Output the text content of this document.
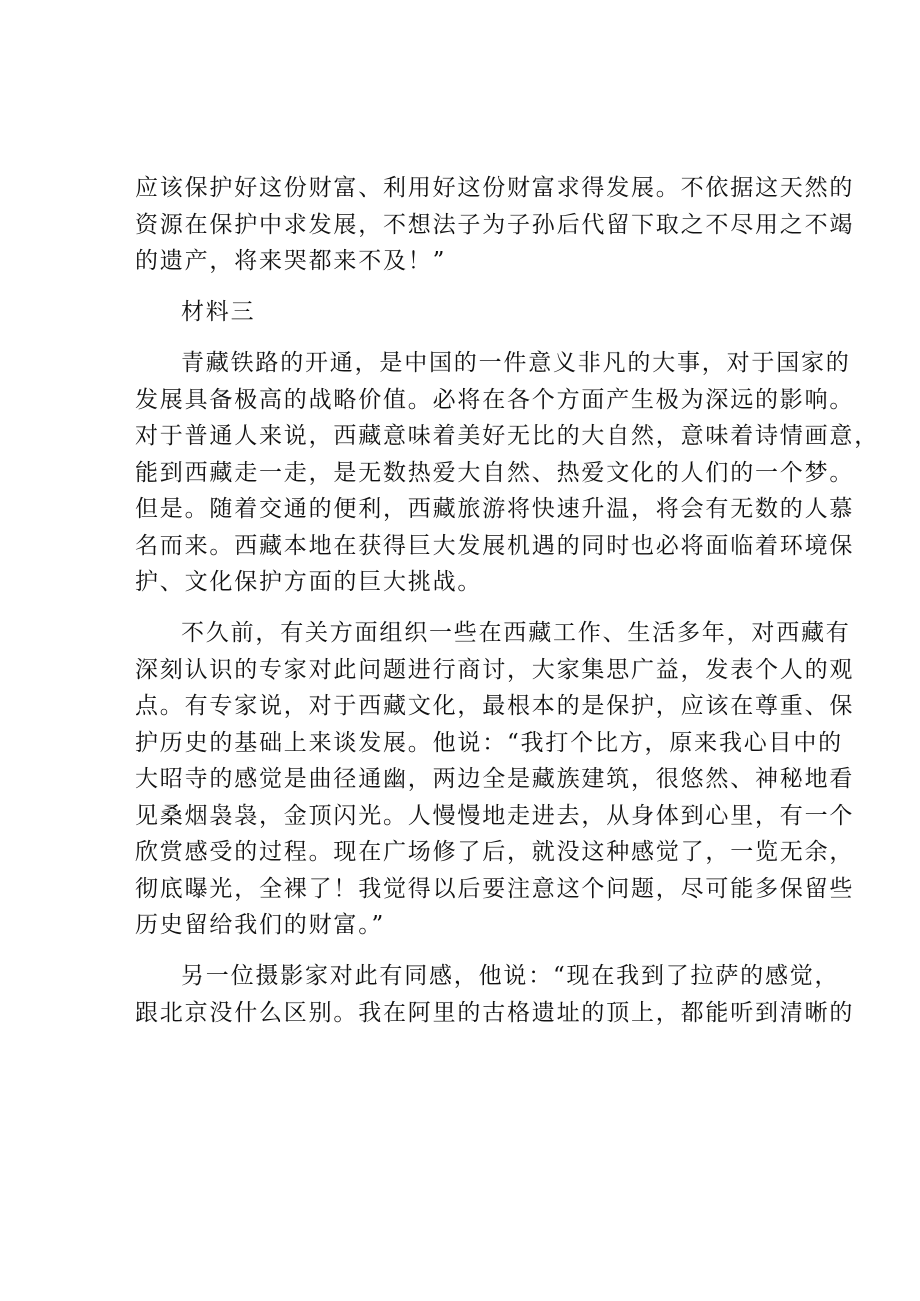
应该保护好这份财富、利用好这份财富求得发展。不依据这天然的
资源在保护中求发展，不想法子为子孙后代留下取之不尽用之不竭
的遗产，将来哭都来不及！”
材料三
青藏铁路的开通，是中国的一件意义非凡的大事，对于国家的
发展具备极高的战略价值。必将在各个方面产生极为深远的影响。
对于普通人来说，西藏意味着美好无比的大自然，意味着诗情画意，
能到西藏走一走，是无数热爱大自然、热爱文化的人们的一个梦。
但是。随着交通的便利，西藏旅游将快速升温，将会有无数的人慕
名而来。西藏本地在获得巨大发展机遇的同时也必将面临着环境保
护、文化保护方面的巨大挑战。
不久前，有关方面组织一些在西藏工作、生活多年，对西藏有
深刻认识的专家对此问题进行商讨，大家集思广益，发表个人的观
点。有专家说，对于西藏文化，最根本的是保护，应该在尊重、保
护历史的基础上来谈发展。他说：“我打个比方，原来我心目中的
大昭寺的感觉是曲径通幽，两边全是藏族建筑，很悠然、神秘地看
见桑烟袅袅，金顶闪光。人慢慢地走进去，从身体到心里，有一个
欣赏感受的过程。现在广场修了后，就没这种感觉了，一览无余，
彻底曝光，全裸了！我觉得以后要注意这个问题，尽可能多保留些
历史留给我们的财富。”
另一位摄影家对此有同感，他说：“现在我到了拉萨的感觉，
跟北京没什么区别。我在阿里的古格遗址的顶上，都能听到清晰的
